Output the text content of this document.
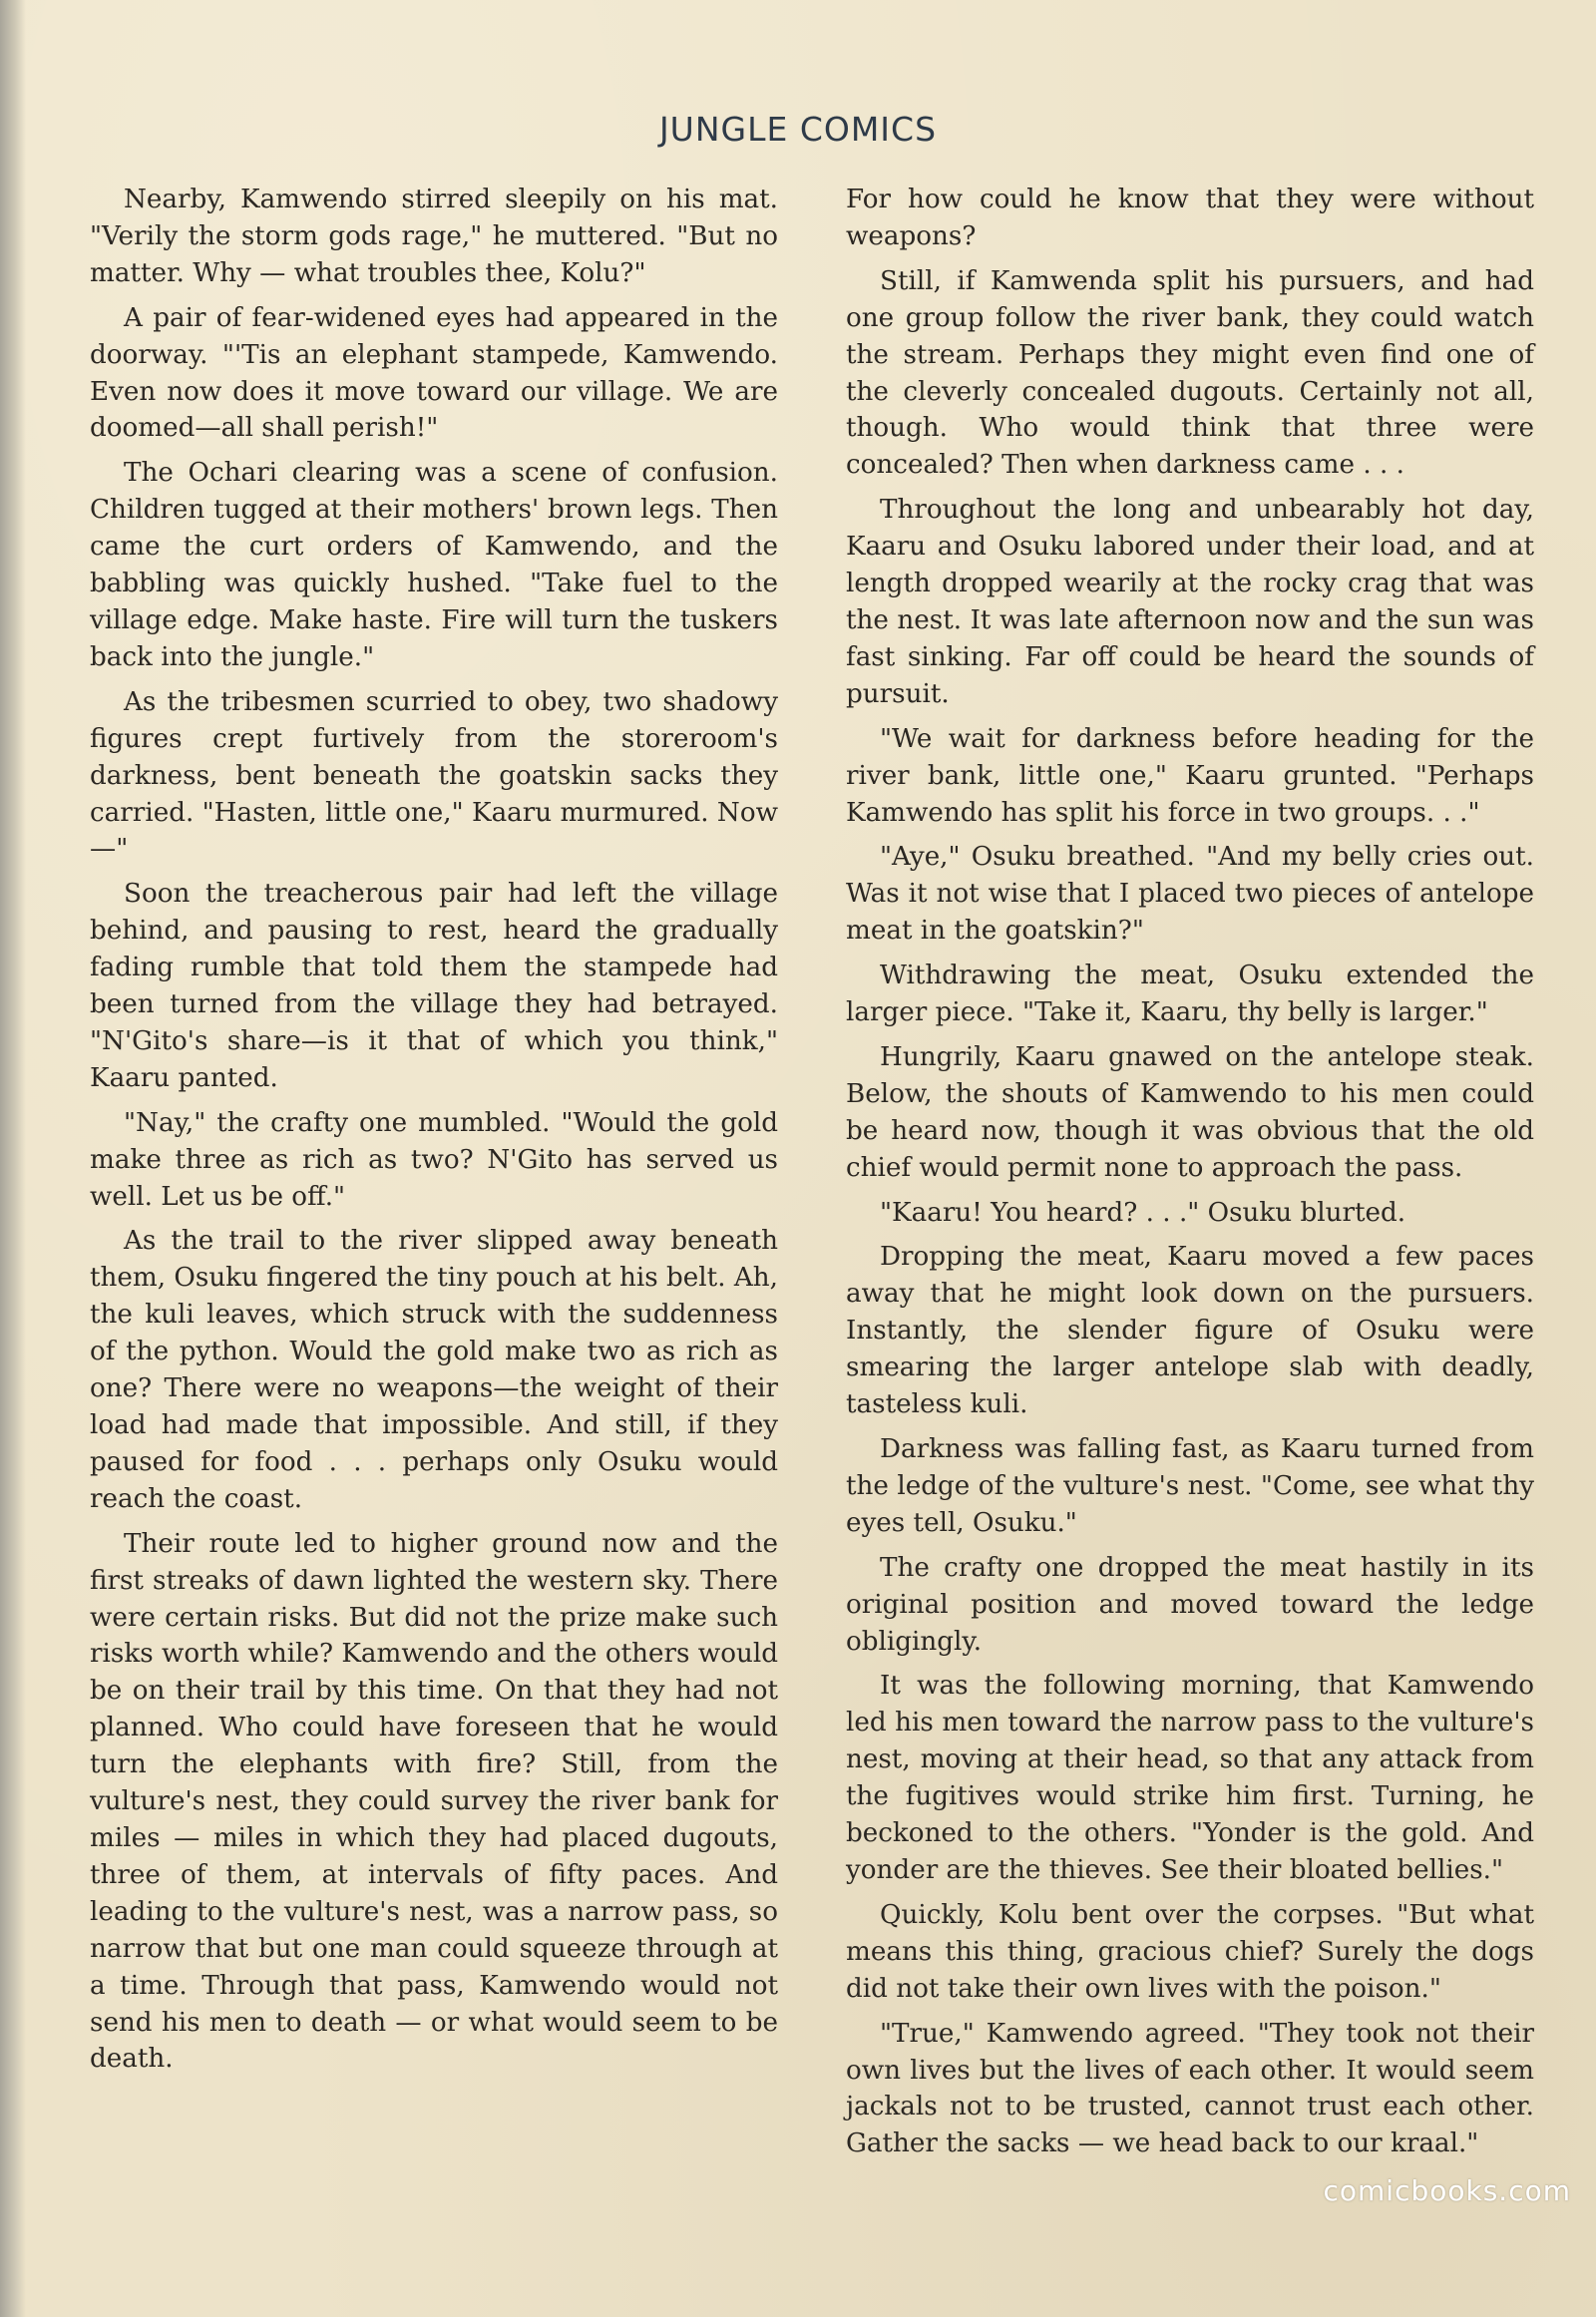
JUNGLE COMICS

Nearby, Kamwendo stirred sleepily on his mat. "Verily the storm gods rage," he muttered. "But no matter. Why — what troubles thee, Kolu?"

A pair of fear-widened eyes had appeared in the doorway. "'Tis an elephant stampede, Kamwendo. Even now does it move toward our village. We are doomed—all shall perish!"

The Ochari clearing was a scene of confusion. Children tugged at their mothers' brown legs. Then came the curt orders of Kamwendo, and the babbling was quickly hushed. "Take fuel to the village edge. Make haste. Fire will turn the tuskers back into the jungle."

As the tribesmen scurried to obey, two shadowy figures crept furtively from the storeroom's darkness, bent beneath the goatskin sacks they carried. "Hasten, little one," Kaaru murmured. Now —"

Soon the treacherous pair had left the village behind, and pausing to rest, heard the gradually fading rumble that told them the stampede had been turned from the village they had betrayed. "N'Gito's share—is it that of which you think," Kaaru panted.

"Nay," the crafty one mumbled. "Would the gold make three as rich as two? N'Gito has served us well. Let us be off."

As the trail to the river slipped away beneath them, Osuku fingered the tiny pouch at his belt. Ah, the kuli leaves, which struck with the suddenness of the python. Would the gold make two as rich as one? There were no weapons—the weight of their load had made that impossible. And still, if they paused for food . . . perhaps only Osuku would reach the coast.

Their route led to higher ground now and the first streaks of dawn lighted the western sky. There were certain risks. But did not the prize make such risks worth while? Kamwendo and the others would be on their trail by this time. On that they had not planned. Who could have foreseen that he would turn the elephants with fire? Still, from the vulture's nest, they could survey the river bank for miles — miles in which they had placed dugouts, three of them, at intervals of fifty paces. And leading to the vulture's nest, was a narrow pass, so narrow that but one man could squeeze through at a time. Through that pass, Kamwendo would not send his men to death — or what would seem to be death.

For how could he know that they were without weapons?

Still, if Kamwenda split his pursuers, and had one group follow the river bank, they could watch the stream. Perhaps they might even find one of the cleverly concealed dugouts. Certainly not all, though. Who would think that three were concealed? Then when darkness came . . .

Throughout the long and unbearably hot day, Kaaru and Osuku labored under their load, and at length dropped wearily at the rocky crag that was the nest. It was late afternoon now and the sun was fast sinking. Far off could be heard the sounds of pursuit.

"We wait for darkness before heading for the river bank, little one," Kaaru grunted. "Perhaps Kamwendo has split his force in two groups. . ."

"Aye," Osuku breathed. "And my belly cries out. Was it not wise that I placed two pieces of antelope meat in the goatskin?"

Withdrawing the meat, Osuku extended the larger piece. "Take it, Kaaru, thy belly is larger."

Hungrily, Kaaru gnawed on the antelope steak. Below, the shouts of Kamwendo to his men could be heard now, though it was obvious that the old chief would permit none to approach the pass.

"Kaaru! You heard? . . ." Osuku blurted.

Dropping the meat, Kaaru moved a few paces away that he might look down on the pursuers. Instantly, the slender figure of Osuku were smearing the larger antelope slab with deadly, tasteless kuli.

Darkness was falling fast, as Kaaru turned from the ledge of the vulture's nest. "Come, see what thy eyes tell, Osuku."

The crafty one dropped the meat hastily in its original position and moved toward the ledge obligingly.

It was the following morning, that Kamwendo led his men toward the narrow pass to the vulture's nest, moving at their head, so that any attack from the fugitives would strike him first. Turning, he beckoned to the others. "Yonder is the gold. And yonder are the thieves. See their bloated bellies."

Quickly, Kolu bent over the corpses. "But what means this thing, gracious chief? Surely the dogs did not take their own lives with the poison."

"True," Kamwendo agreed. "They took not their own lives but the lives of each other. It would seem jackals not to be trusted, cannot trust each other. Gather the sacks — we head back to our kraal."

comicbooks.com
